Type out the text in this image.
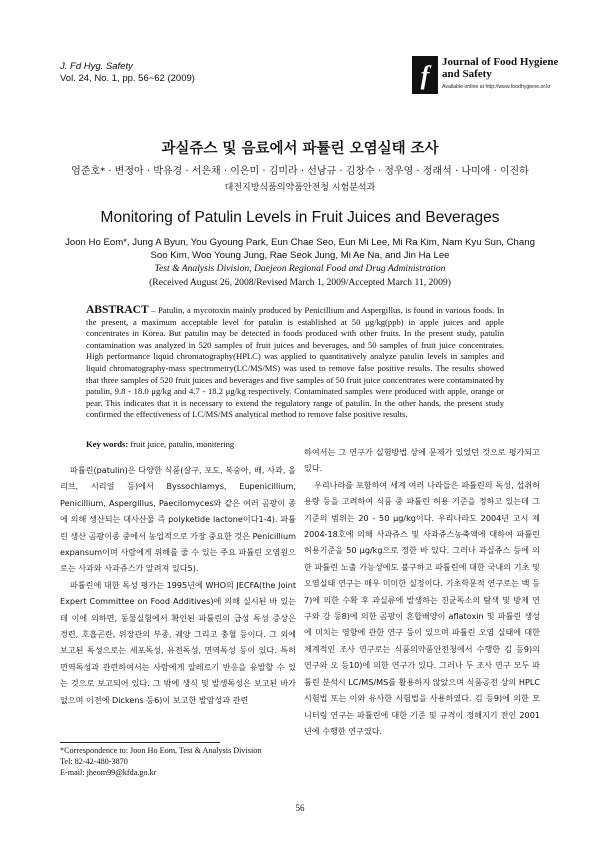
J. Fd Hyg. Safety
Vol. 24, No. 1, pp. 56~62 (2009)	f Journal of Food Hygiene
and Safety
Available online at http://www.foodhygiene.or.kr
과실쥬스 및 음료에서 파튤린 오염실태 조사
엄준호* · 변정아 · 박유경 · 서은채 · 이은미 · 김미라 · 선남규 · 김창수 · 정우영 · 정래석 · 나미애 · 이진하
대전지방식품의약품안전청 시험분석과
Monitoring of Patulin Levels in Fruit Juices and Beverages
Joon Ho Eom*, Jung A Byun, You Gyoung Park, Eun Chae Seo, Eun Mi Lee, Mi Ra Kim, Nam Kyu Sun, Chang Soo Kim, Woo Young Jung, Rae Seok Jung, Mi Ae Na, and Jin Ha Lee
Test & Analysis Division, Daejeon Regional Food and Drug Administration
(Received August 26, 2008/Revised March 1, 2009/Accepted March 11, 2009)
ABSTRACT – Patulin, a mycotoxin mainly produced by Penicillium and Aspergillus, is found in various foods. In the present, a maximum acceptable level for patulin is established at 50 μg/kg(ppb) in apple juices and apple concentrates in Korea. But patulin may be detected in foods produced with other fruits. In the present study, patulin contamination was analyzed in 520 samples of fruit juices and beverages, and 50 samples of fruit juice concentrates. High performance liquid chromatography(HPLC) was applied to quantitatively analyze patulin levels in samples and liquid chromatography-mass spectrometry(LC/MS/MS) was used to remove false positive results. The results showed that three samples of 520 fruit juices and beverages and five samples of 50 fruit juice concentrates were contaminated by patulin, 9.8 - 18.0 μg/kg and 4.7 - 18.2 μg/kg respectively. Contaminated samples were produced with apple, orange or pear. This indicates that it is necessary to extend the regulatory range of patulin. In the other hands, the present study confirmed the effectiveness of LC/MS/MS analytical method to remove false positive results.
Key words: fruit juice, patulin, monitering

파튤린(patulin)은 다양한 식품(살구, 포도, 복숭아, 배, 사과, 올리브, 시리얼 등)에서 Byssochlamys, Eupenicillium, Penicillium, Aspergillus, Paecilomyces와 같은 여러 곰팡이 종에 의해 생산되는 대사산물 즉 polyketide lactone이다1-4). 파튤린 생산 곰팡이종 중에서 농업적으로 가장 중요한 것은 Penicillium expansum이며 사람에게 위해를 줄 수 있는 주요 파튤린 오염원으로는 사과와 사과쥬스가 알려져 있다5).

파튤린에 대한 독성 평가는 1995년에 WHO의 JECFA(the Joint Expert Committee on Food Additives)에 의해 실시된 바 있는데 이에 의하면, 동물실험에서 확인된 파튤린의 급성 독성 증상은 경련, 호흡곤란, 위장관의 부종, 궤양 그리고 충혈 등이다. 그 외에 보고된 독성으로는 세포독성, 유전독성, 면역독성 등이 있다. 특히 면역독성과 관련하여서는 사람에게 알레르기 반응을 유발할 수 있는 것으로 보고되어 있다. 그 밖에 생식 및 발생독성은 보고된 바가 없으며 이전에 Dickens 등6)이 보고한 발암성과 관련

하여서는 그 연구가 실험방법 상에 문제가 있었던 것으로 평가되고 있다.

우리나라를 포함하여 세계 여러 나라들은 파튤린의 독성, 섭취허용량 등을 고려하여 식품 중 파튤린 허용 기준을 정하고 있는데 그 기준의 범위는 20 - 50 μg/kg이다. 우리나라도 2004년 고시 제2004-18호에 의해 사과쥬스 및 사과쥬스농축액에 대하여 파튤린 허용기준을 50 μg/kg으로 정한 바 있다. 그러나 과실쥬스 등에 의한 파튤린 노출 가능성에도 불구하고 파튤린에 대한 국내의 기초 및 오염실태 연구는 매우 미미한 실정이다. 기초학문적 연구로는 백 등7)에 의한 수확 후 과실류에 발생하는 진균독소의 탐색 및 방제 연구와 강 등8)에 의한 곰팡이 혼합배양이 aflatoxin 및 파튤린 생성에 미치는 영향에 관한 연구 등이 있으며 파튤린 오염 실태에 대한 체계적인 조사 연구로는 식품의약품안전청에서 수행한 김 등9)의 연구와 오 등10)에 의한 연구가 있다. 그러나 두 조사 연구 모두 파튤린 분석시 LC/MS/MS를 활용하지 않았으며 식품공전 상의 HPLC 시험법 또는 이와 유사한 시험법을 사용하였다. 김 등9)에 의한 모니터링 연구는 파튤린에 대한 기준 및 규격이 정해지기 전인 2001년에 수행한 연구였다.

*Correspondence to: Joon Ho Eom, Test & Analysis Division
Tel: 82-42-480-3870
E-mail: jheom99@kfda.go.kr
56
